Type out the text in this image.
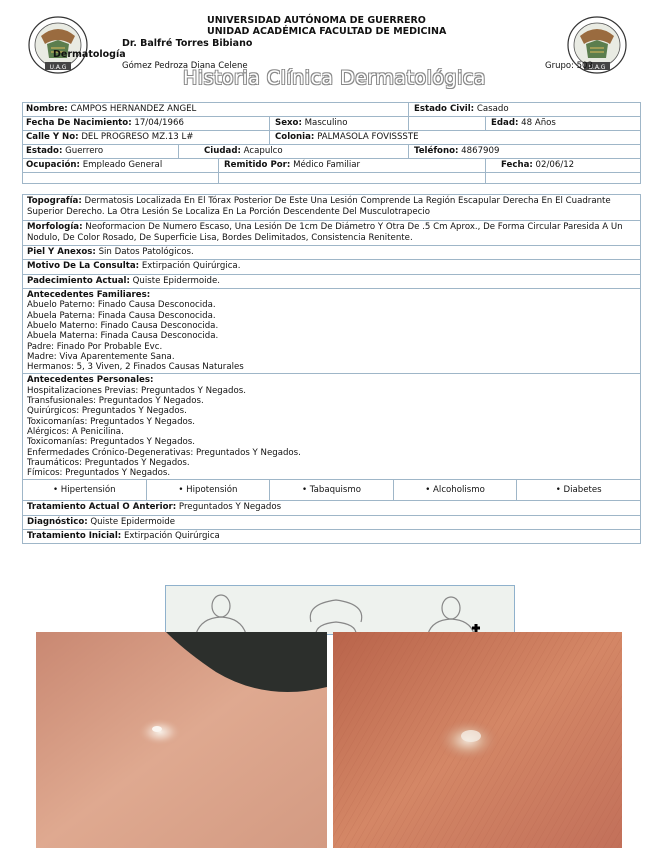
U.A.G	U.A.G
UNIVERSIDAD AUTÓNOMA DE GUERRERO
UNIDAD ACADÉMICA FACULTAD DE MEDICINA
Dr. Balfré Torres Bibiano
Dermatología
Gómez Pedroza Diana Celene	Grupo: 503
Historia Clínica Dermatológica
Nombre: CAMPOS HERNANDEZ ANGEL	Estado Civil: Casado
Fecha De Nacimiento: 17/04/1966	Sexo: Masculino	Edad: 48 Años
Calle Y No: DEL PROGRESO MZ.13 L#	Colonia: PALMASOLA FOVISSSTE
Estado: Guerrero	Ciudad: Acapulco	Teléfono: 4867909
Ocupación: Empleado General	Remitido Por: Médico Familiar	Fecha: 02/06/12
Topografía: Dermatosis Localizada En El Tórax Posterior De Este Una Lesión Comprende La Región Escapular Derecha En El Cuadrante Superior Derecho. La Otra Lesión Se Localiza En La Porción Descendente Del Musculotrapecio
Morfología: Neoformacion De Numero Escaso, Una Lesión De 1cm De Diámetro Y Otra De .5 Cm Aprox., De Forma Circular Paresida A Un Nodulo, De Color Rosado, De Superficie Lisa, Bordes Delimitados, Consistencia Renitente.
Piel Y Anexos: Sin Datos Patológicos.
Motivo De La Consulta: Extirpación Quirúrgica.
Padecimiento Actual: Quiste Epidermoide.
Antecedentes Familiares:
Abuelo Paterno: Finado Causa Desconocida.
Abuela Paterna: Finada Causa Desconocida.
Abuelo Materno: Finado Causa Desconocida.
Abuela Materna: Finada Causa Desconocida.
Padre: Finado Por Probable Evc.
Madre: Viva Aparentemente Sana.
Hermanos: 5, 3 Viven, 2 Finados Causas Naturales
Antecedentes Personales:
Hospitalizaciones Previas: Preguntados Y Negados.
Transfusionales: Preguntados Y Negados.
Quirúrgicos: Preguntados Y Negados.
Toxicomanías: Preguntados Y Negados.
Alérgicos: A Penicilina.
Toxicomanías: Preguntados Y Negados.
Enfermedades Crónico-Degenerativas: Preguntados Y Negados.
Traumáticos: Preguntados Y Negados.
Fímicos: Preguntados Y Negados.
• Hipertensión	• Hipotensión	• Tabaquismo	• Alcoholismo	• Diabetes
Tratamiento Actual O Anterior: Preguntados Y Negados
Diagnóstico: Quiste Epidermoide
Tratamiento Inicial: Extirpación Quirúrgica
